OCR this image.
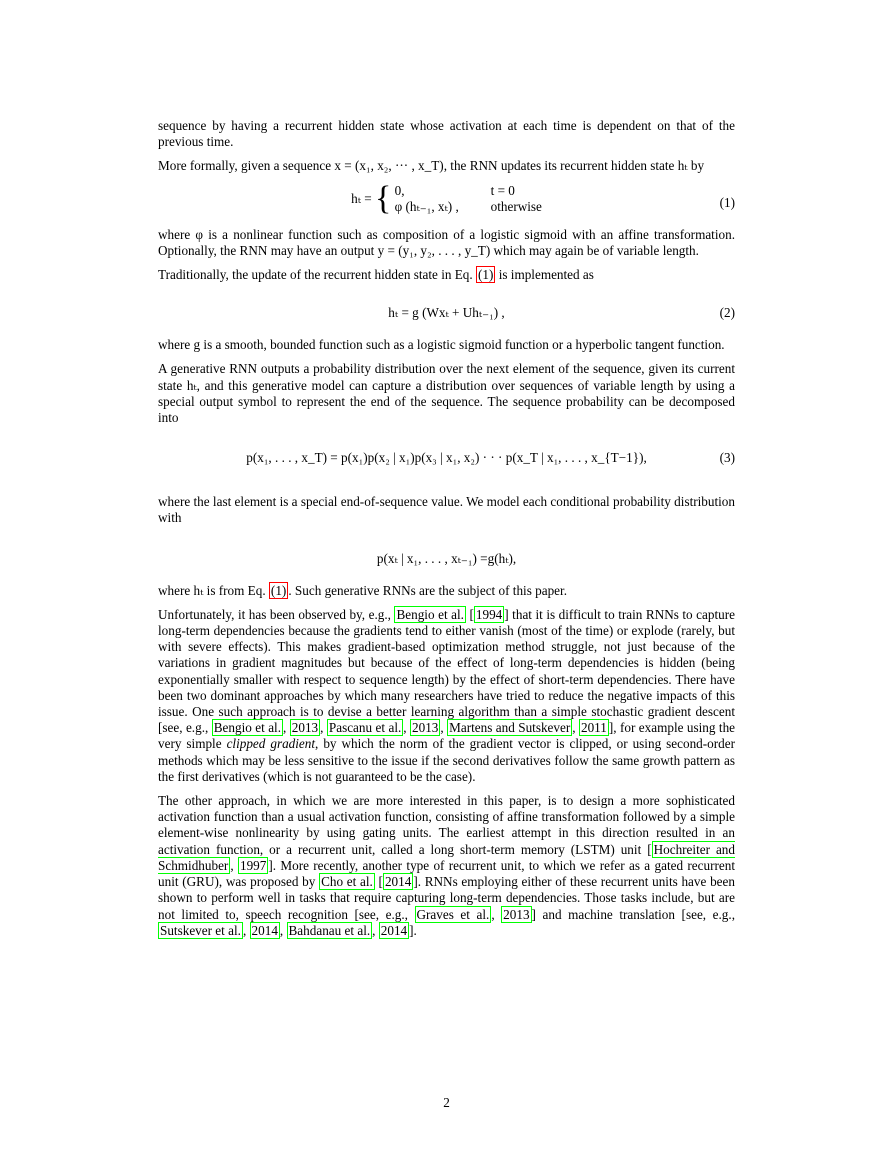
sequence by having a recurrent hidden state whose activation at each time is dependent on that of the previous time.

More formally, given a sequence x = (x₁, x₂, ··· , x_T), the RNN updates its recurrent hidden state hₜ by

hₜ = { 0,	t = 0
φ (hₜ₋₁, xₜ) ,	otherwise	(1)

where φ is a nonlinear function such as composition of a logistic sigmoid with an affine transformation. Optionally, the RNN may have an output y = (y₁, y₂, . . . , y_T) which may again be of variable length.

Traditionally, the update of the recurrent hidden state in Eq. (1) is implemented as

hₜ = g (Wxₜ + Uhₜ₋₁) ,	(2)

where g is a smooth, bounded function such as a logistic sigmoid function or a hyperbolic tangent function.

A generative RNN outputs a probability distribution over the next element of the sequence, given its current state hₜ, and this generative model can capture a distribution over sequences of variable length by using a special output symbol to represent the end of the sequence. The sequence probability can be decomposed into

p(x₁, . . . , x_T) = p(x₁)p(x₂ | x₁)p(x₃ | x₁, x₂) · · · p(x_T | x₁, . . . , x_{T−1}),	(3)

where the last element is a special end-of-sequence value. We model each conditional probability distribution with

p(xₜ | x₁, . . . , xₜ₋₁) =g(hₜ),

where hₜ is from Eq. (1) . Such generative RNNs are the subject of this paper.

Unfortunately, it has been observed by, e.g., Bengio et al. [ 1994 ] that it is difficult to train RNNs to capture long-term dependencies because the gradients tend to either vanish (most of the time) or explode (rarely, but with severe effects). This makes gradient-based optimization method struggle, not just because of the variations in gradient magnitudes but because of the effect of long-term dependencies is hidden (being exponentially smaller with respect to sequence length) by the effect of short-term dependencies. There have been two dominant approaches by which many researchers have tried to reduce the negative impacts of this issue. One such approach is to devise a better learning algorithm than a simple stochastic gradient descent [see, e.g., Bengio et al. , 2013 , Pascanu et al. , 2013 , Martens and Sutskever , 2011 ], for example using the very simple clipped gradient, by which the norm of the gradient vector is clipped, or using second-order methods which may be less sensitive to the issue if the second derivatives follow the same growth pattern as the first derivatives (which is not guaranteed to be the case).

The other approach, in which we are more interested in this paper, is to design a more sophisticated activation function than a usual activation function, consisting of affine transformation followed by a simple element-wise nonlinearity by using gating units. The earliest attempt in this direction resulted in an activation function, or a recurrent unit, called a long short-term memory (LSTM) unit [ Hochreiter and Schmidhuber , 1997 ]. More recently, another type of recurrent unit, to which we refer as a gated recurrent unit (GRU), was proposed by Cho et al. [ 2014 ]. RNNs employing either of these recurrent units have been shown to perform well in tasks that require capturing long-term dependencies. Those tasks include, but are not limited to, speech recognition [see, e.g., Graves et al. , 2013 ] and machine translation [see, e.g., Sutskever et al. , 2014 , Bahdanau et al. , 2014 ].

2
